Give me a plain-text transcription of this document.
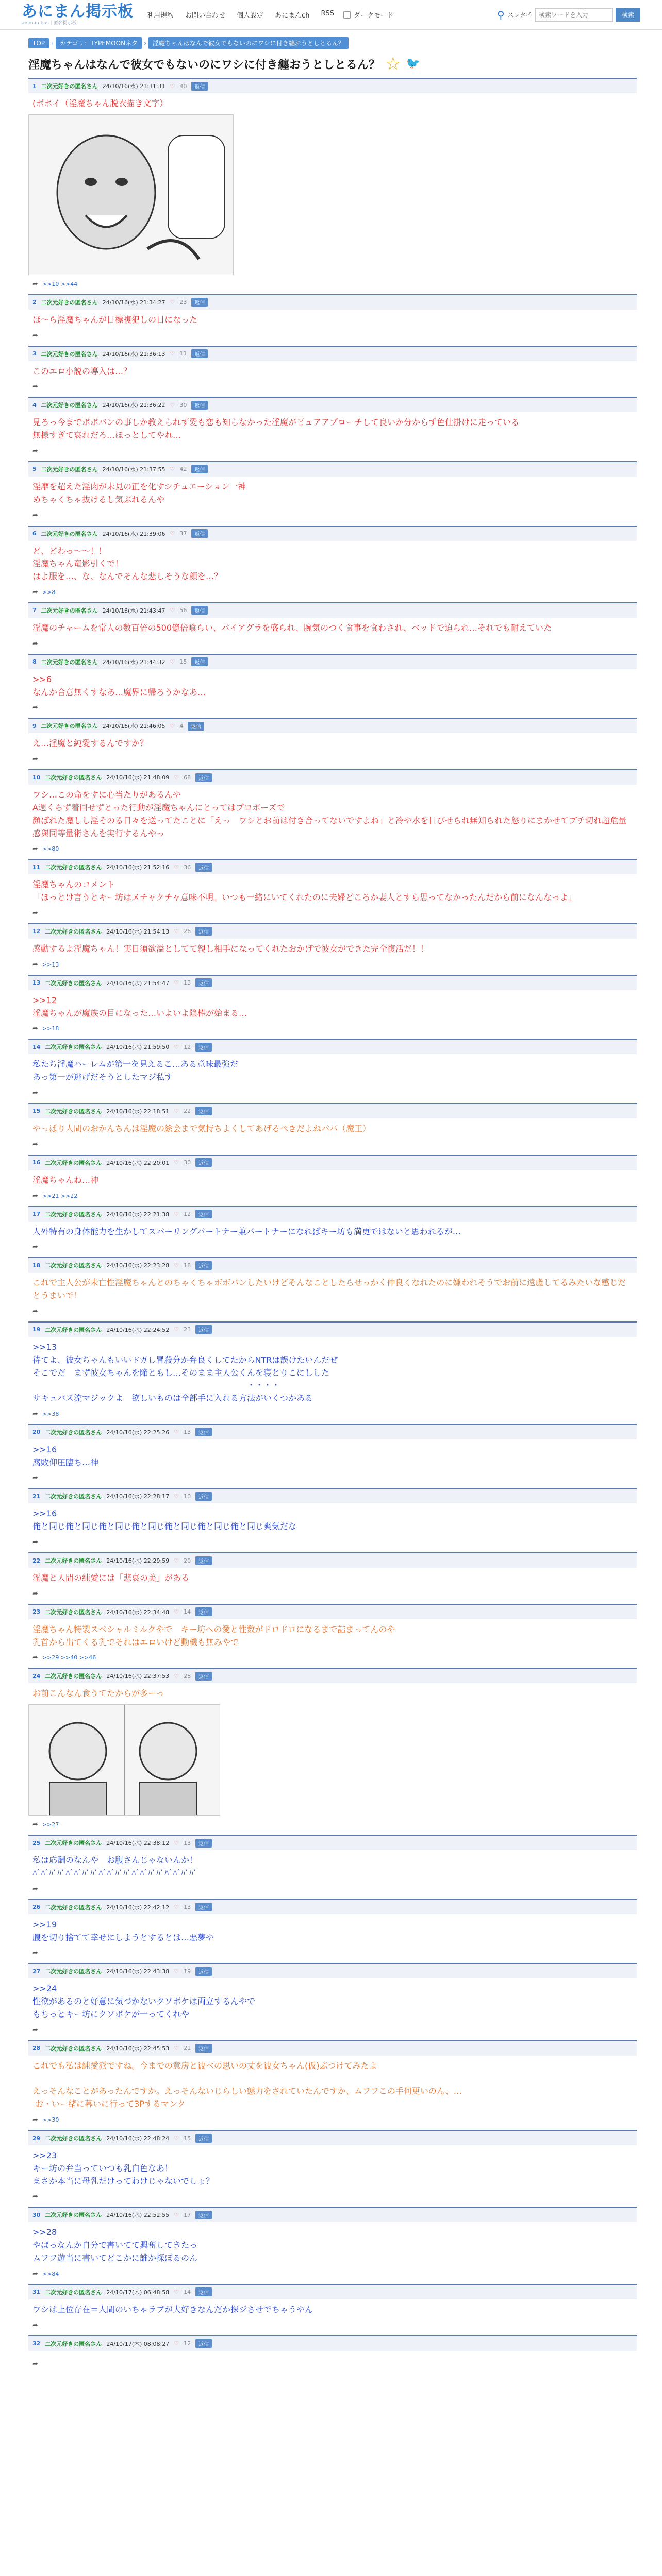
あにまん掲示板
animan bbs｜匿名掲示板
利用規約 お問い合わせ 個人設定 あにまんch RSS	ダークモード	⚲ スレタイ
検索ワードを入力	検索
TOP	›	カテゴリ：TYPEMOONネタ	›	淫魔ちゃんはなんで彼女でもないのにワシに付き纏おうとしとるん？
淫魔ちゃんはなんで彼女でもないのにワシに付き纏おうとしとるん？ ☆ 🐦
1 二次元好きの匿名さん 24/10/16(水) 21:31:31 ♡ 40	返信
(ボボイ（淫魔ちゃん脱衣描き文字）
➦ >>10 >>44
2 二次元好きの匿名さん 24/10/16(水) 21:34:27 ♡ 23	返信
ほ～ら淫魔ちゃんが目標複犯しの目になった
➦
3 二次元好きの匿名さん 24/10/16(水) 21:36:13 ♡ 11	返信
このエロ小説の導入は…？
➦
4 二次元好きの匿名さん 24/10/16(水) 21:36:22 ♡ 30	返信
見ろっ今までボボバンの事しか教えられず愛も恋も知らなかった淫魔がピュアアプローチして良いか分からず色仕掛けに走っている
無様すぎて哀れだろ…ほっとしてやれ…
➦
5 二次元好きの匿名さん 24/10/16(水) 21:37:55 ♡ 42	返信
淫靡を超えた淫肉が未見の正を化すシチュエーション一神
めちゃくちゃ抜けるし気ぶれるんや
➦
6 二次元好きの匿名さん 24/10/16(水) 21:39:06 ♡ 37	返信
ど、どわっ～～！！
淫魔ちゃん竜影引くで！
はよ服を…、な、なんでそんな悲しそうな顔を…？
➦ >>8
7 二次元好きの匿名さん 24/10/16(水) 21:43:47 ♡ 56	返信
淫魔のチャームを常人の数百倍の500億倍喰らい、バイアグラを盛られ、腕気のつく食事を食わされ、ベッドで迫られ…それでも耐えていた
➦
8 二次元好きの匿名さん 24/10/16(水) 21:44:32 ♡ 15	返信
>>6
なんか合意無くすなあ…魔界に帰ろうかなあ…
➦
9 二次元好きの匿名さん 24/10/16(水) 21:46:05 ♡ 4	返信
え…淫魔と純愛するんですか？
➦
10 二次元好きの匿名さん 24/10/16(水) 21:48:09 ♡ 68	返信
ワシ…この命をすに心当たりがあるんや
A週くらず着回せずとった行動が淫魔ちゃんにとってはプロポーズで
顔ばれた魔しし淫そのる日々を送ってたことに「えっ　ワシとお前は付き合ってないですよね」と冷や水を目びせられ無知られた怒りにまかせてブチ切れ超危量感與同等量術さんを実行するんやっ
➦ >>80
11 二次元好きの匿名さん 24/10/16(水) 21:52:16 ♡ 36	返信
淫魔ちゃんのコメント
「ほっとけ言うとキー坊はメチャクチャ意味不明。いつも一緒にいてくれたのに夫婦どころか妻人とすら思ってなかったんだから前になんなっよ」
➦
12 二次元好きの匿名さん 24/10/16(水) 21:54:13 ♡ 26	返信
感動するよ淫魔ちゃん！実日須欲溢としてて親し相手になってくれたおかげで彼女ができた完全復活だ！！
➦ >>13
13 二次元好きの匿名さん 24/10/16(水) 21:54:47 ♡ 13	返信
>>12
淫魔ちゃんが魔族の目になった…いよいよ陰棒が始まる…
➦ >>18
14 二次元好きの匿名さん 24/10/16(水) 21:59:50 ♡ 12	返信
私たち淫魔ハーレムが第一を見えるこ…ある意味最強だ
あっ第一が逃げだそうとしたマジ私す
➦
15 二次元好きの匿名さん 24/10/16(水) 22:18:51 ♡ 22	返信
やっぱり人間のおかんちんは淫魔の絵会まで気持ちよくしてあげるべきだよねパパ（魔王）
➦
16 二次元好きの匿名さん 24/10/16(水) 22:20:01 ♡ 30	返信
淫魔ちゃんね…神
➦ >>21 >>22
17 二次元好きの匿名さん 24/10/16(水) 22:21:38 ♡ 12	返信
人外特有の身体能力を生かしてスパーリングパートナー兼パートナーになればキー坊も満更ではないと思われるが…
➦
18 二次元好きの匿名さん 24/10/16(水) 22:23:28 ♡ 18	返信
これで主人公が未亡性淫魔ちゃんとのちゃくちゃボボバンしたいけどそんなことしたらせっかく仲良くなれたのに嫌われそうでお前に遠慮してるみたいな感じだとうまいで！
➦
19 二次元好きの匿名さん 24/10/16(水) 22:24:52 ♡ 23	返信
>>13
待てよ、彼女ちゃんもいいドガし冒殺分か弁良くしてたからNTRは誤けたいんだぜ
そこでだ　まず彼女ちゃんを陥ともし…そのまま主人公くんを寝とりこにしした
　　　　　　　　　　　　　　　　　　　　　　　　　　・・・・
サキュバス流マジックよ　欲しいものは全部手に入れる方法がいくつかある
➦ >>38
20 二次元好きの匿名さん 24/10/16(水) 22:25:26 ♡ 13	返信
>>16
腐敗仰圧臨ち…神
➦
21 二次元好きの匿名さん 24/10/16(水) 22:28:17 ♡ 10	返信
>>16
俺と同じ俺と同じ俺と同じ俺と同じ俺と同じ俺と同じ俺と同じ爽気だな
➦
22 二次元好きの匿名さん 24/10/16(水) 22:29:59 ♡ 20	返信
淫魔と人間の純愛には「悲哀の美」がある
➦
23 二次元好きの匿名さん 24/10/16(水) 22:34:48 ♡ 14	返信
淫魔ちゃん特製スペシャルミルクやで　キー坊への愛と性数がドロドロになるまで詰まってんのや
乳首から出てくる乳でそれはエロいけど動機も無みやで
➦ >>29 >>40 >>46
24 二次元好きの匿名さん 24/10/16(水) 22:37:53 ♡ 28	返信
お前こんなん食うてたからが多ーっ
➦ >>27
25 二次元好きの匿名さん 24/10/16(水) 22:38:12 ♡ 13	返信
私は応酬のなんや　お腹さんじゃないんか！
ﾊﾞﾊﾞﾊﾞﾊﾞﾊﾞﾊﾞﾊﾞﾊﾞﾊﾞﾊﾞﾊﾞﾊﾞﾊﾞﾊﾞﾊﾞﾊﾞﾊﾞﾊﾞﾊﾞﾊﾞ
➦
26 二次元好きの匿名さん 24/10/16(水) 22:42:12 ♡ 13	返信
>>19
腹を切り捨てて幸せにしようとするとは…悪夢や
➦
27 二次元好きの匿名さん 24/10/16(水) 22:43:38 ♡ 19	返信
>>24
性欲があるのと好意に気づかないクソボケは両立するんやで
もちっとキー坊にクソボケが一ってくれや
➦
28 二次元好きの匿名さん 24/10/16(水) 22:45:53 ♡ 21	返信
これでも私は純愛派ですね。今までの意房と彼べの思いの丈を彼女ちゃん(仮)ぶつけてみたよ

えっそんなことがあったんですか。えっそんないじらしい態力をされていたんですか、ムフフこの手何更いのん、…
お・いー緒に暮いに行って3Pするマンク
➦ >>30
29 二次元好きの匿名さん 24/10/16(水) 22:48:24 ♡ 15	返信
>>23
キー坊の弁当っていつも乳白色なあ！
まさか本当に母乳だけってわけじゃないでしょ？
➦
30 二次元好きの匿名さん 24/10/16(水) 22:52:55 ♡ 17	返信
>>28
やばっなんか自分で書いてて興奮してきたっ
ムフフ遊当に書いてどこかに誰か探ぼるのん
➦ >>84
31 二次元好きの匿名さん 24/10/17(木) 06:48:58 ♡ 14	返信
ワシは上位存在＝人間のいちゃラブが大好きなんだか探ジさせでちゃうやん
➦
32 二次元好きの匿名さん 24/10/17(木) 08:08:27 ♡ 12	返信
➦
